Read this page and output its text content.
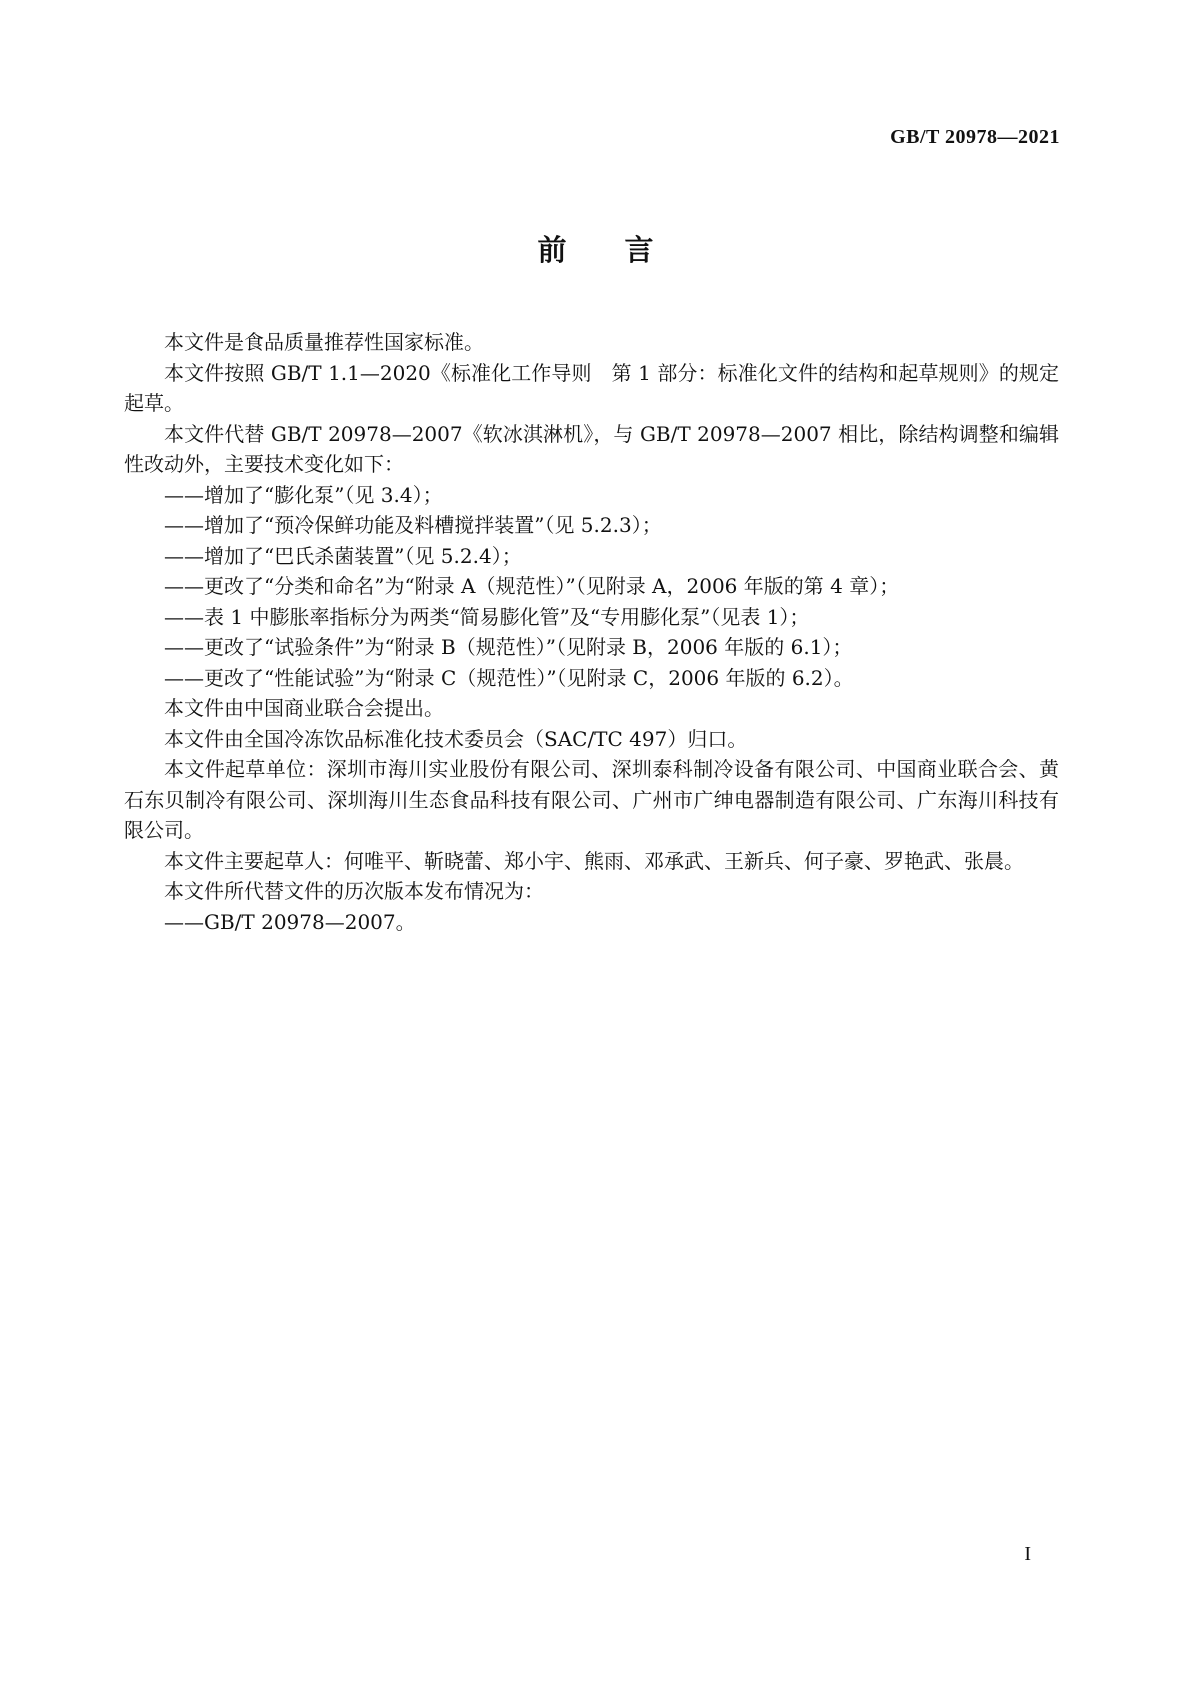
GB/T 20978—2021
前 言

本文件是食品质量推荐性国家标准。

本文件按照 GB/T 1.1—2020《标准化工作导则　第 1 部分：标准化文件的结构和起草规则》的规定起草。

本文件代替 GB/T 20978—2007《软冰淇淋机》，与 GB/T 20978—2007 相比，除结构调整和编辑性改动外，主要技术变化如下：

——增加了“膨化泵”（见 3.4）；

——增加了“预冷保鲜功能及料槽搅拌装置”（见 5.2.3）；

——增加了“巴氏杀菌装置”（见 5.2.4）；

——更改了“分类和命名”为“附录 A（规范性）”（见附录 A，2006 年版的第 4 章）；

——表 1 中膨胀率指标分为两类“简易膨化管”及“专用膨化泵”（见表 1）；

——更改了“试验条件”为“附录 B（规范性）”（见附录 B，2006 年版的 6.1）；

——更改了“性能试验”为“附录 C（规范性）”（见附录 C，2006 年版的 6.2）。

本文件由中国商业联合会提出。

本文件由全国冷冻饮品标准化技术委员会（SAC/TC 497）归口。

本文件起草单位：深圳市海川实业股份有限公司、深圳泰科制冷设备有限公司、中国商业联合会、黄石东贝制冷有限公司、深圳海川生态食品科技有限公司、广州市广绅电器制造有限公司、广东海川科技有限公司。

本文件主要起草人：何唯平、靳晓蕾、郑小宇、熊雨、邓承武、王新兵、何子豪、罗艳武、张晨。

本文件所代替文件的历次版本发布情况为：

——GB/T 20978—2007。

I
